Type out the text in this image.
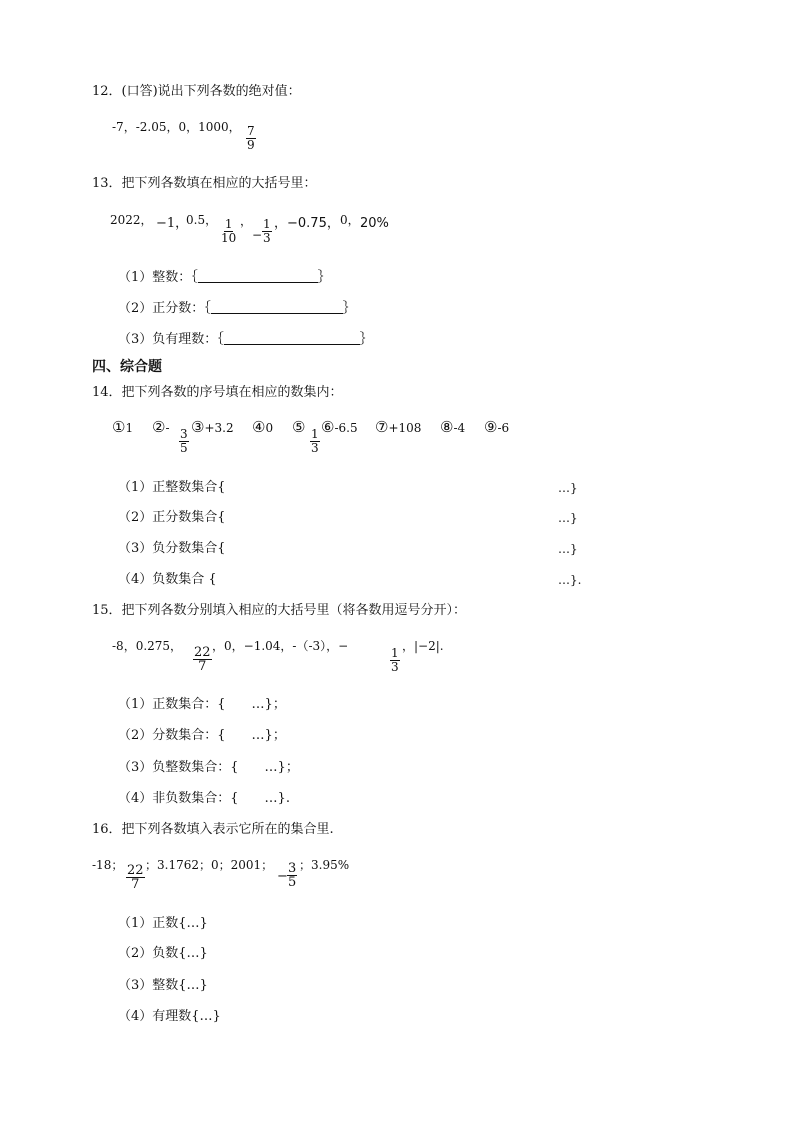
12．(口答)说出下列各数的绝对值：
-7，-2.05，0，1000， $\frac{7}{9}$
13．把下列各数填在相应的大括号里：
2022， −1，
0.5， $\frac{1}{10}$ ，
− $\frac{1}{3}$ ，−0.75， 0， 20%
（1）整数：｛	｝
（2）正分数：｛	｝
（3）负有理数：｛	｝
四、综合题
14．把下列各数的序号填在相应的数集内：
①1 ②- $\frac{3}{5}$
③+3.2 ④0 ⑤
$\frac{1}{3}$
⑥-6.5 ⑦+108 ⑧-4 ⑨-6
（1）正整数集合{	…}
（2）正分数集合{	…}
（3）负分数集合{	…}
（4）负数集合 {	…}.
15．把下列各数分别填入相应的大括号里（将各数用逗号分开）：
-8，0.275， $\frac{22}{7}$ ，0，−1.04，-（-3），−
$\frac{1}{3}$
，|−2|.
（1）正数集合：{　　…}；
（2）分数集合：{　　…}；
（3）负整数集合：{　　…}；
（4）非负数集合：{　　…}.
16．把下列各数填入表示它所在的集合里.
-18； $\frac{22}{7}$ ；3.1762；0；2001；
− $\frac{3}{5}$ ；3.95%
（1）正数{…}
（2）负数{…}
（3）整数{…}
（4）有理数{…}
